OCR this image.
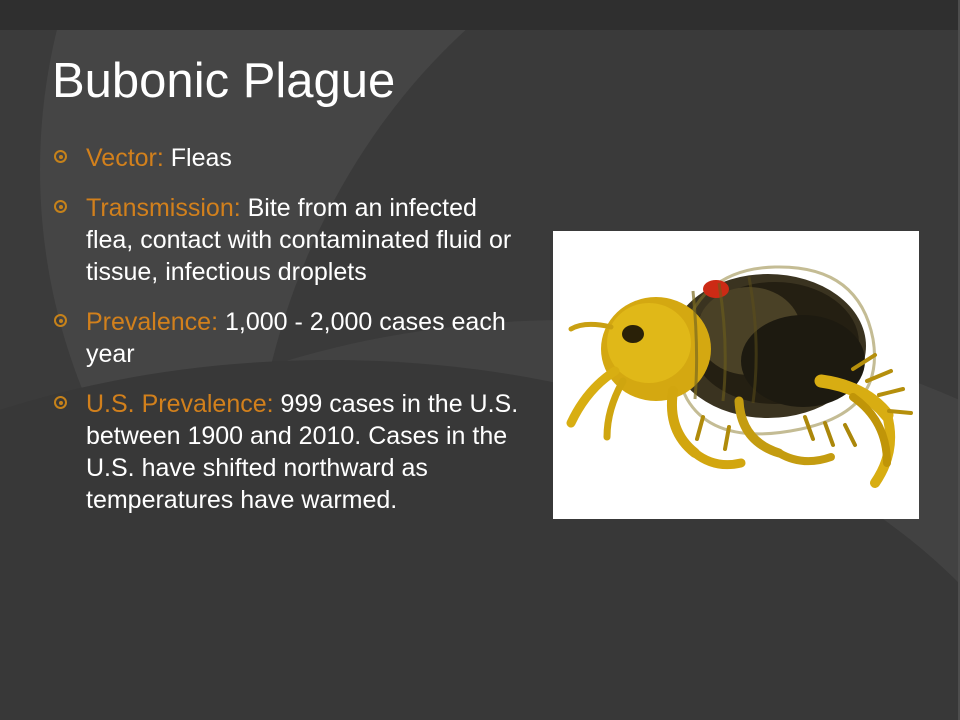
Bubonic Plague
Vector: Fleas
Transmission: Bite from an infected flea, contact with contaminated fluid or tissue, infectious droplets
Prevalence: 1,000 - 2,000 cases each year
U.S. Prevalence: 999 cases in the U.S. between 1900 and 2010. Cases in the U.S. have shifted northward as temperatures have warmed.
